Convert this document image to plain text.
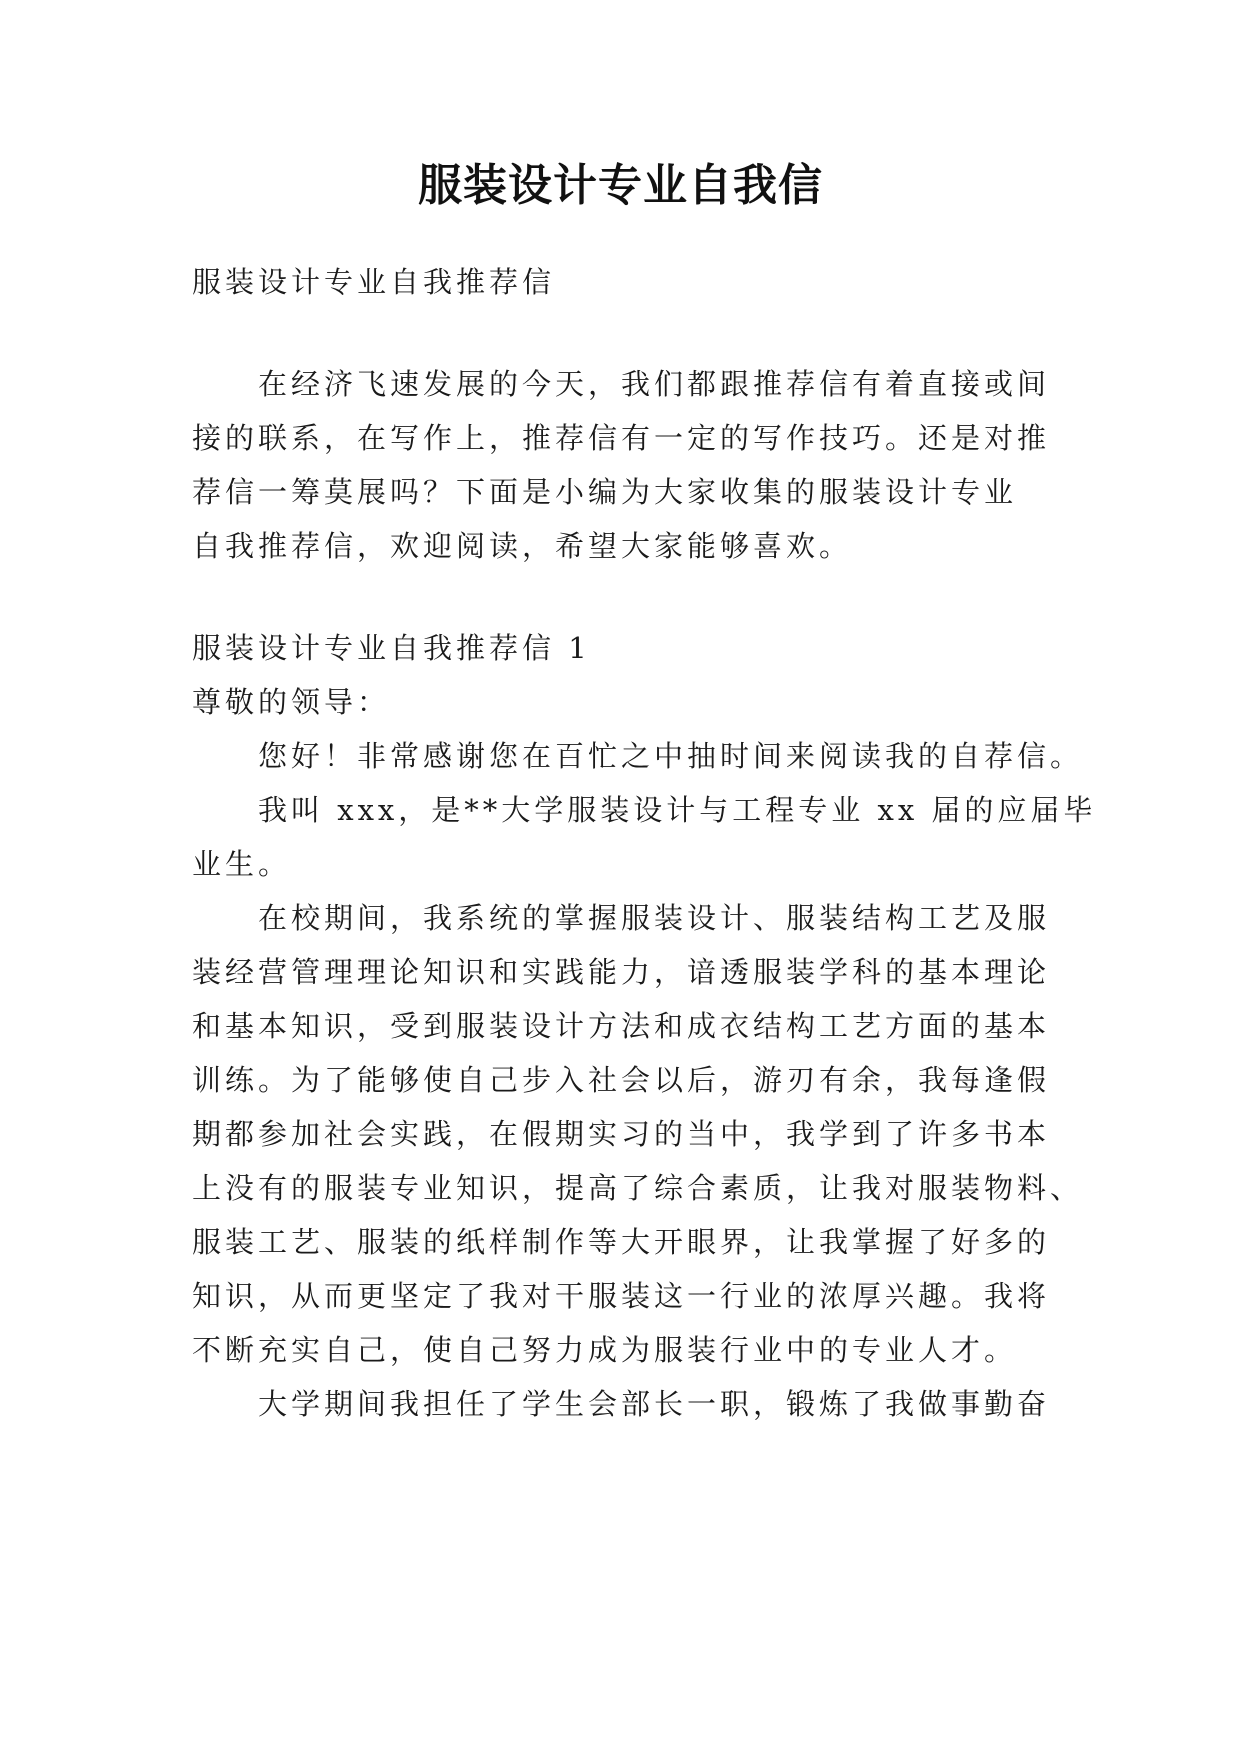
服装设计专业自我信
服装设计专业自我推荐信
在经济飞速发展的今天，我们都跟推荐信有着直接或间
接的联系，在写作上，推荐信有一定的写作技巧。还是对推
荐信一筹莫展吗？下面是小编为大家收集的服装设计专业
自我推荐信，欢迎阅读，希望大家能够喜欢。
服装设计专业自我推荐信 1
尊敬的领导：
您好！非常感谢您在百忙之中抽时间来阅读我的自荐信。
我叫 xxx，是**大学服装设计与工程专业 xx 届的应届毕
业生。
在校期间，我系统的掌握服装设计、服装结构工艺及服
装经营管理理论知识和实践能力，谙透服装学科的基本理论
和基本知识，受到服装设计方法和成衣结构工艺方面的基本
训练。为了能够使自己步入社会以后，游刃有余，我每逢假
期都参加社会实践，在假期实习的当中，我学到了许多书本
上没有的服装专业知识，提高了综合素质，让我对服装物料、
服装工艺、服装的纸样制作等大开眼界，让我掌握了好多的
知识，从而更坚定了我对干服装这一行业的浓厚兴趣。我将
不断充实自己，使自己努力成为服装行业中的专业人才。
大学期间我担任了学生会部长一职，锻炼了我做事勤奋
